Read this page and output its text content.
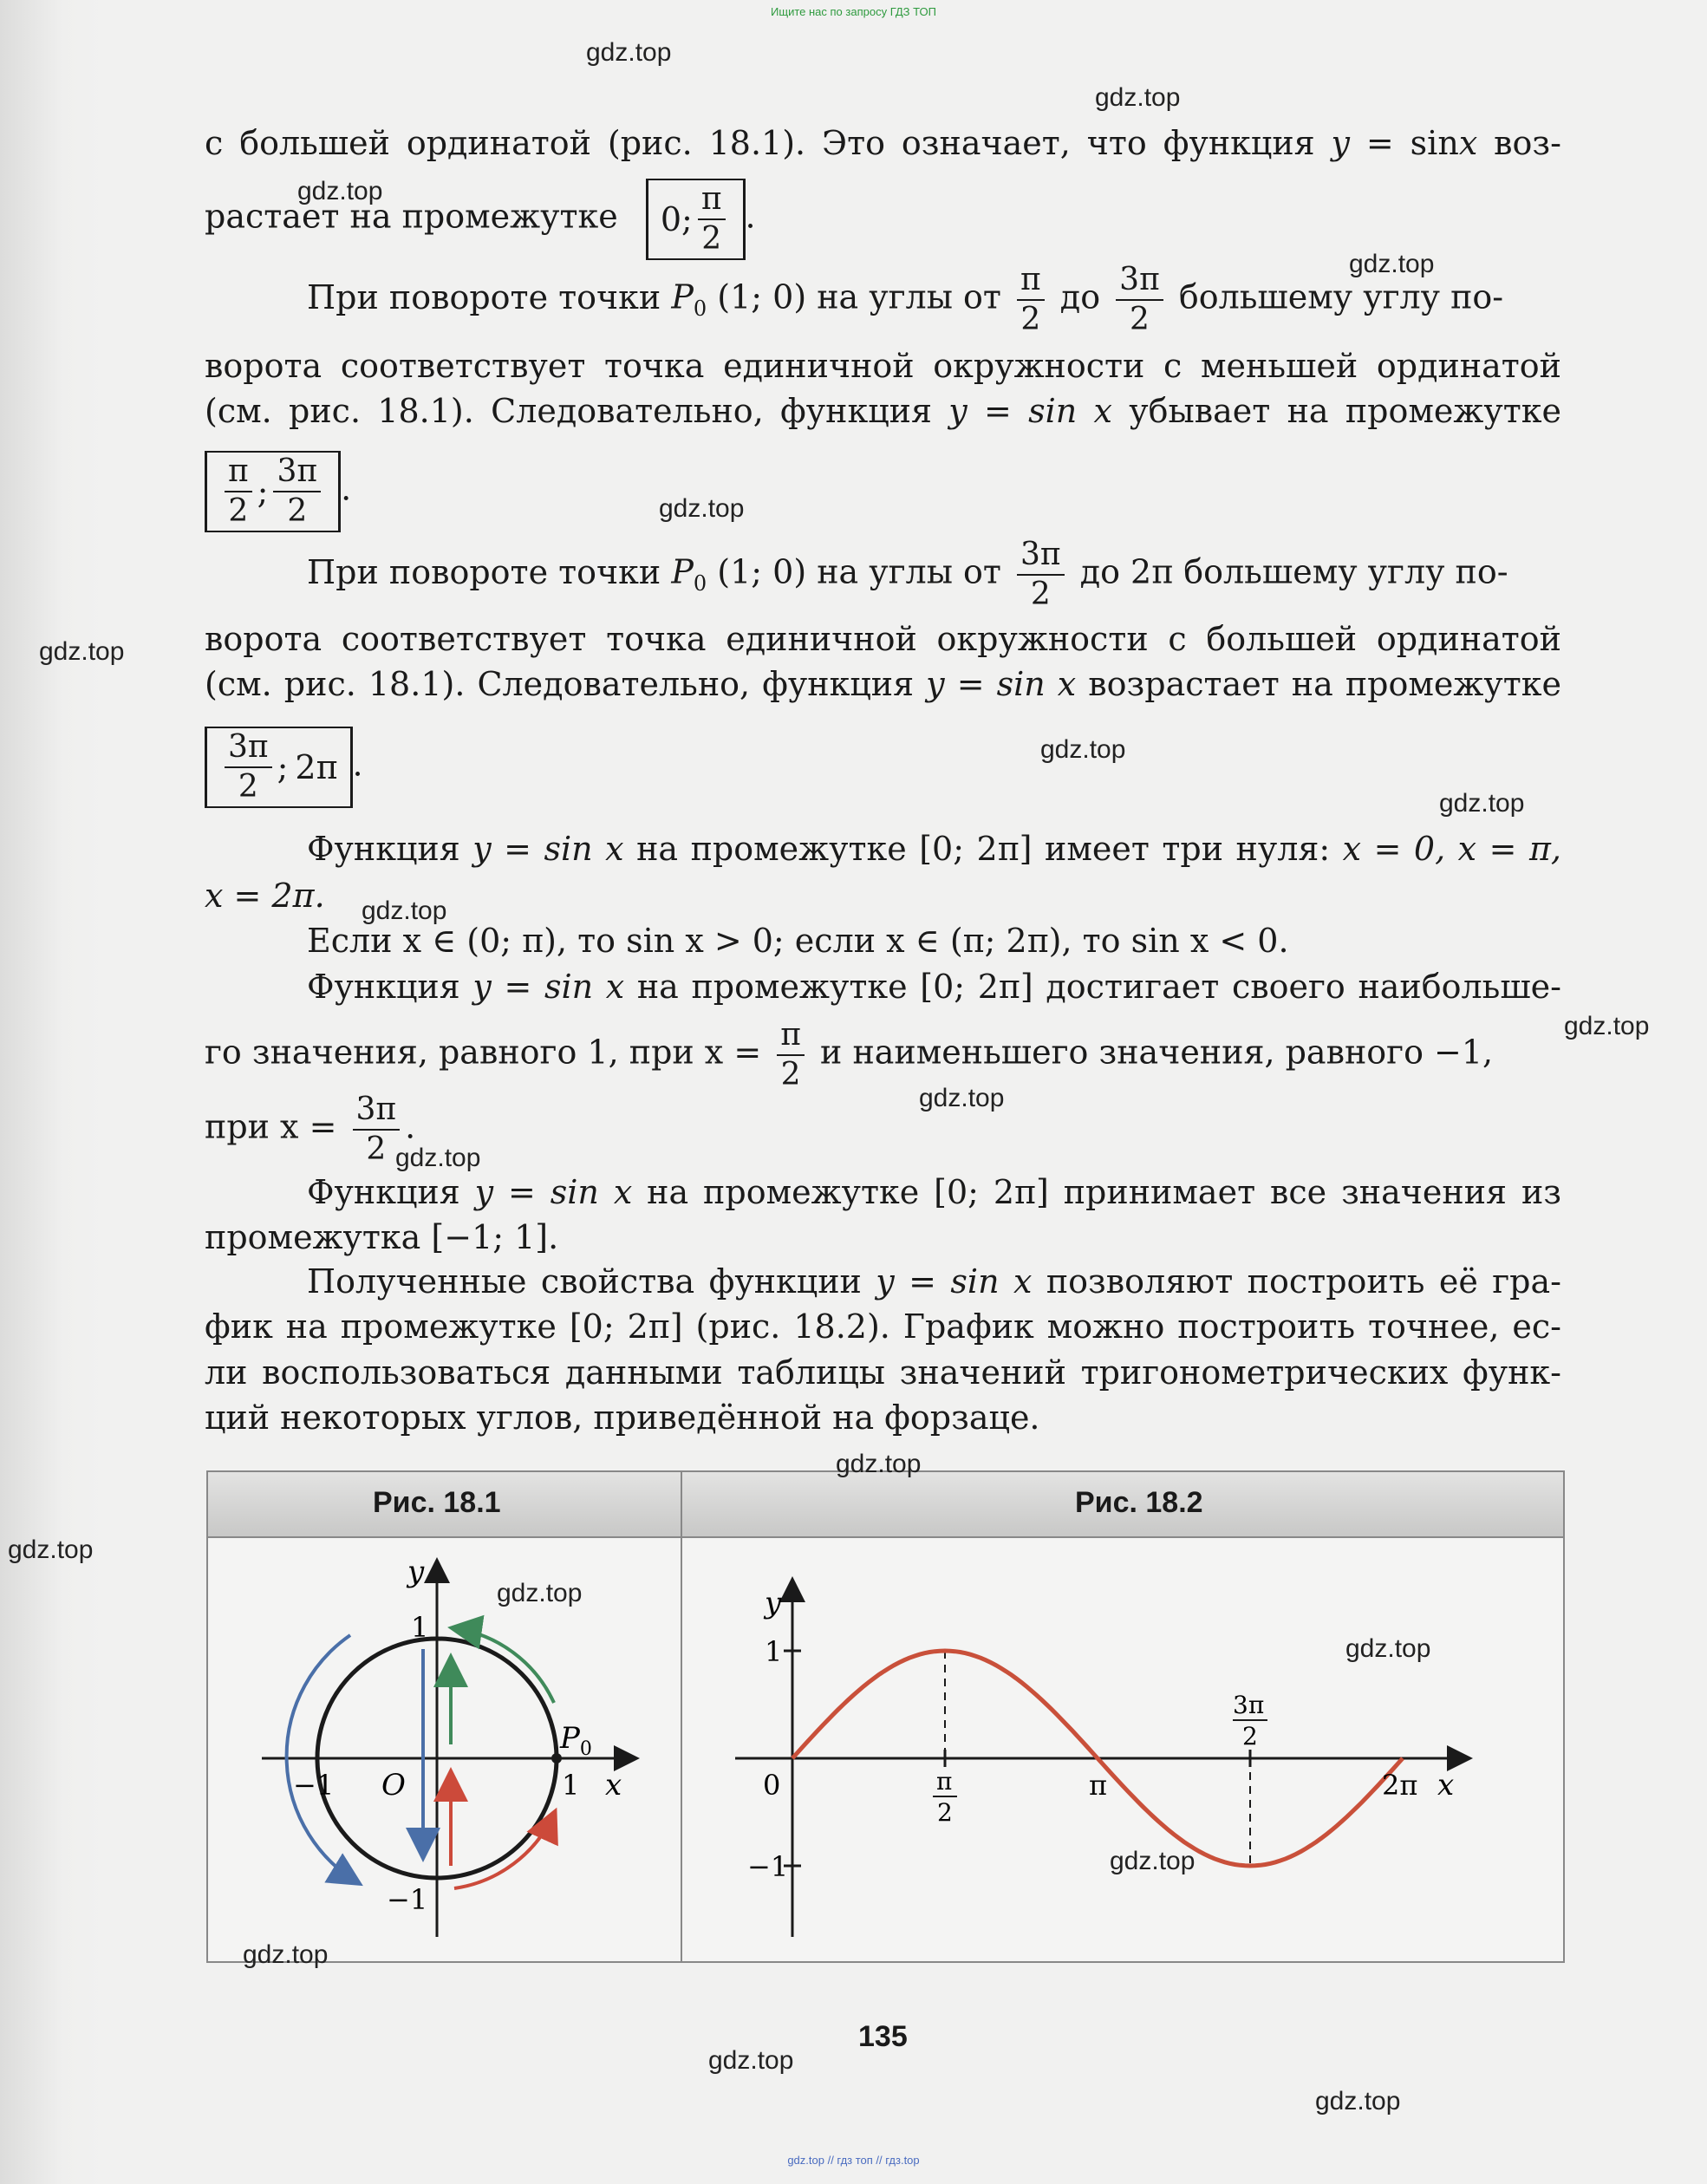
Ищите нас по запросу ГДЗ ТОП
с большей ординатой (рис. 18.1). Это означает, что функция y = sinx воз-
растает на промежутке 0; $\frac{\pi}{2}$ .
При повороте точки $P_0$ (1; 0) на углы от $\frac{\pi}{2}$ до $\frac{3\pi}{2}$ большему углу по-
ворота соответствует точка единичной окружности с меньшей ординатой
(см. рис. 18.1). Следовательно, функция y = sin x убывает на промежутке
$\frac{\pi}{2}$ ; $\frac{3\pi}{2}$ .
При повороте точки $P_0$ (1; 0) на углы от $\frac{3\pi}{2}$ до 2π большему углу по-
ворота соответствует точка единичной окружности с большей ординатой
(см. рис. 18.1). Следовательно, функция y = sin x возрастает на промежутке
$\frac{3\pi}{2}$ ; 2π .
Функция y = sin x на промежутке [0; 2π] имеет три нуля: x = 0, x = π,
x = 2π.
Если x ∈ (0; π), то sin x > 0; если x ∈ (π; 2π), то sin x < 0.
Функция y = sin x на промежутке [0; 2π] достигает своего наибольше-
го значения, равного 1, при $x = \frac{\pi}{2}$ и наименьшего значения, равного −1,
при $x = \frac{3\pi}{2}$ .
Функция y = sin x на промежутке [0; 2π] принимает все значения из
промежутка [−1; 1].
Полученные свойства функции y = sin x позволяют построить её гра-
фик на промежутке [0; 2π] (рис. 18.2). График можно построить точнее, ес-
ли воспользоваться данными таблицы значений тригонометрических функ-
ций некоторых углов, приведённой на форзаце.
Рис. 18.1	Рис. 18.2
y
1
$P_0$
−1 O	1 x
−1
y
1
−1
0	π
2
π
3π
2
2π x
135
gdz.top
gdz.top
gdz.top
gdz.top
gdz.top
gdz.top
gdz.top
gdz.top
gdz.top
gdz.top
gdz.top
gdz.top
gdz.top
gdz.top
gdz.top
gdz.top
gdz.top
gdz.top
gdz.top
gdz.top
gdz.top // гдз топ // гдз.top
